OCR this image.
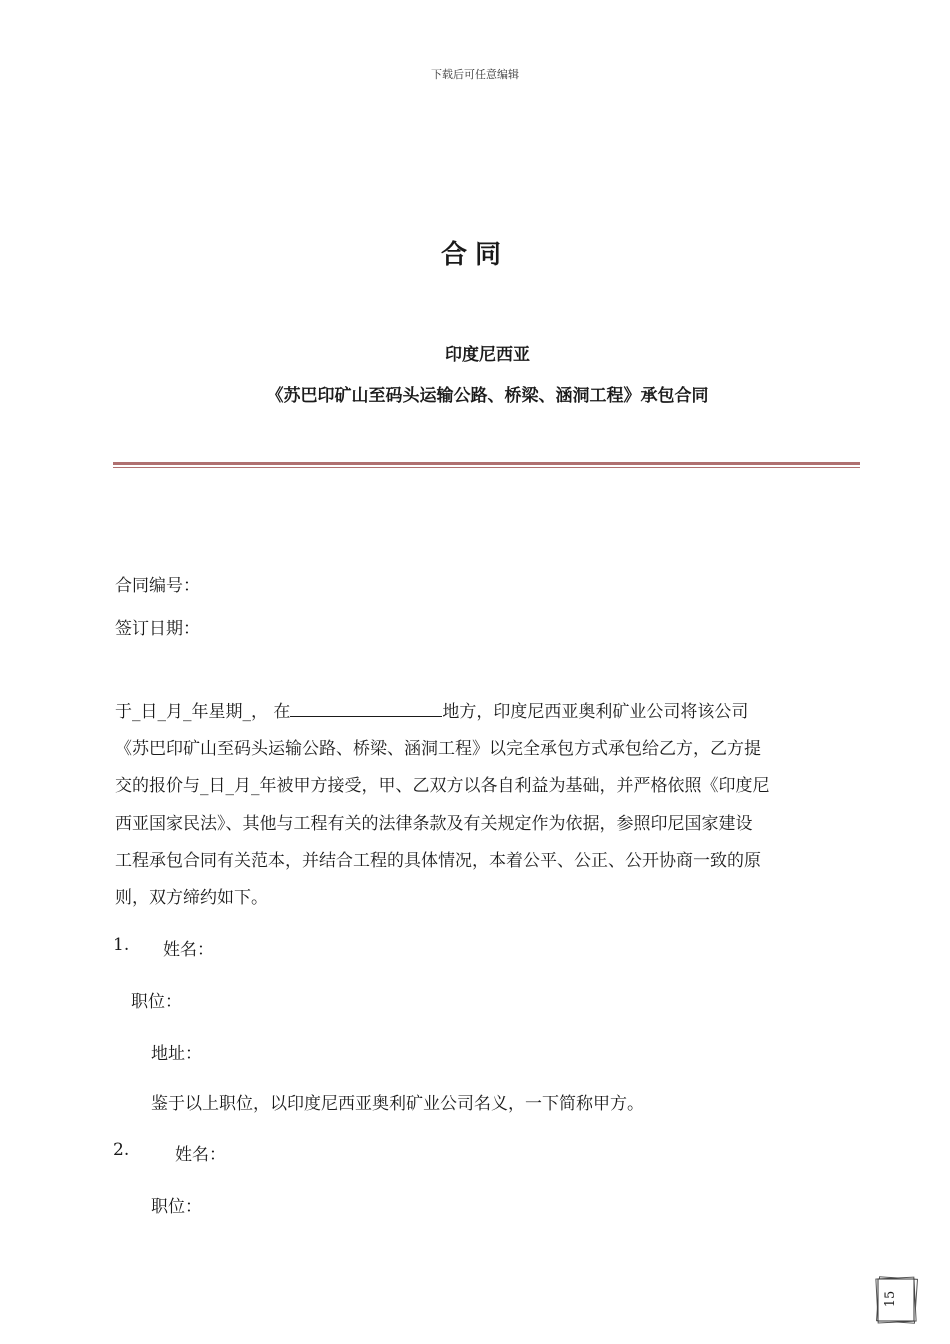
下载后可任意编辑
合同
印度尼西亚
《苏巴印矿山至码头运输公路、桥梁、涵洞工程》承包合同
合同编号：
签订日期：

于_日_月_年星期_， 在	地方，印度尼西亚奥利矿业公司将该公司

《苏巴印矿山至码头运输公路、桥梁、涵洞工程》以完全承包方式承包给乙方，乙方提

交的报价与_日_月_年被甲方接受，甲、乙双方以各自利益为基础，并严格依照《印度尼

西亚国家民法》、其他与工程有关的法律条款及有关规定作为依据，参照印尼国家建设

工程承包合同有关范本，并结合工程的具体情况，本着公平、公正、公开协商一致的原

则，双方缔约如下。

1. 姓名：
职位：
地址：
鉴于以上职位，以印度尼西亚奥利矿业公司名义，一下简称甲方。
2.	姓名：
职位：
15
